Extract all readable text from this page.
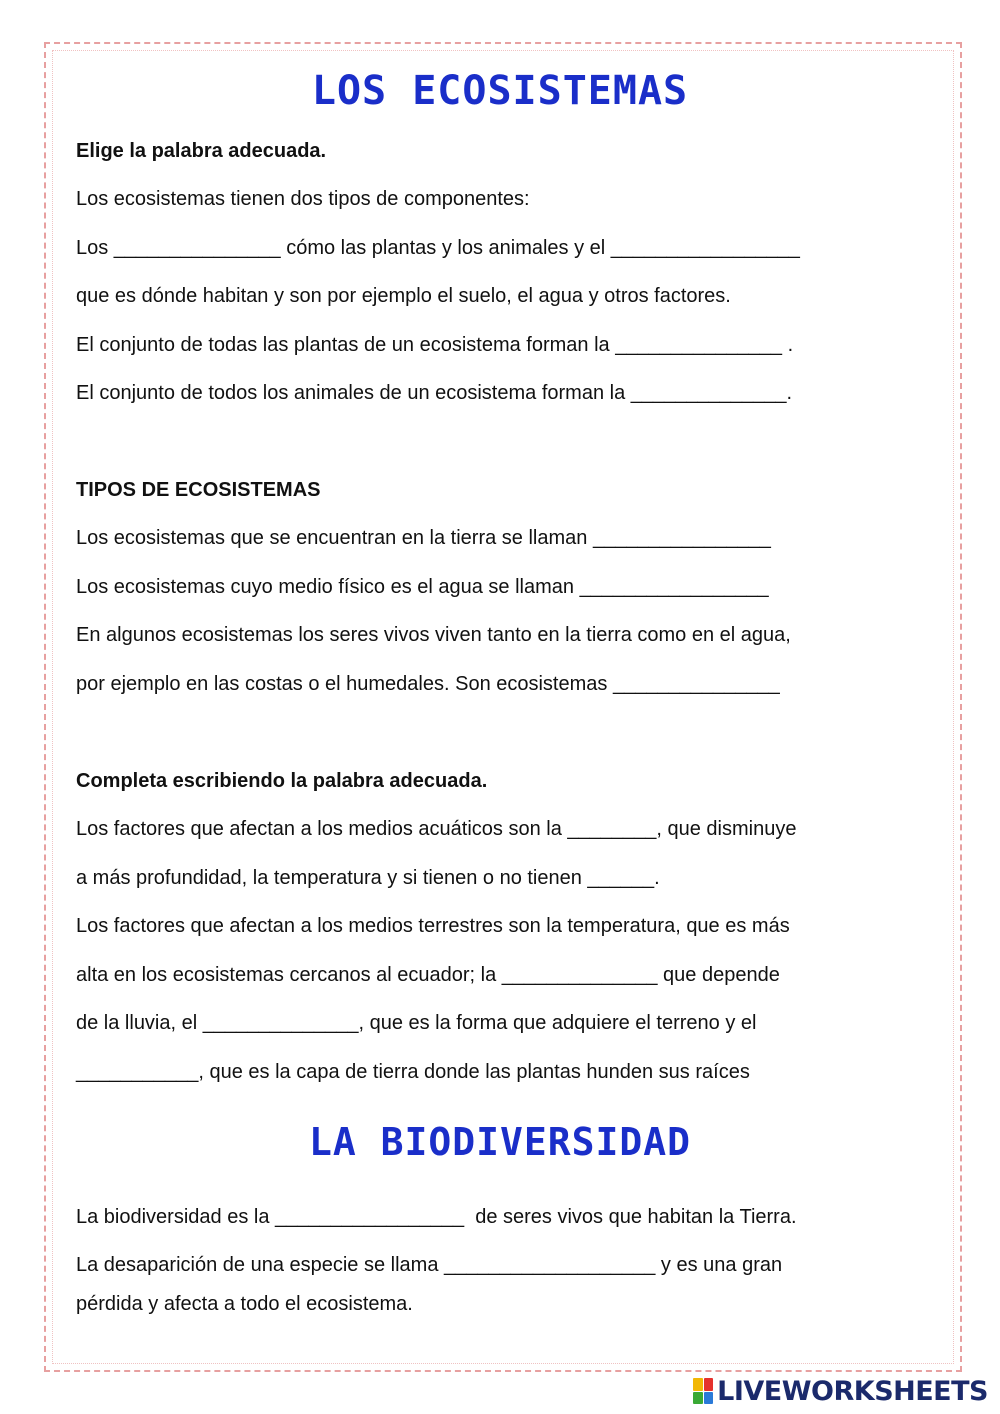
LOS ECOSISTEMAS

Elige la palabra adecuada.

Los ecosistemas tienen dos tipos de componentes:

Los _______________ cómo las plantas y los animales y el _________________

que es dónde habitan y son por ejemplo el suelo, el agua y otros factores.

El conjunto de todas las plantas de un ecosistema forman la _______________ .

El conjunto de todos los animales de un ecosistema forman la ______________.

TIPOS DE ECOSISTEMAS

Los ecosistemas que se encuentran en la tierra se llaman ________________

Los ecosistemas cuyo medio físico es el agua se llaman _________________

En algunos ecosistemas los seres vivos viven tanto en la tierra como en el agua,

por ejemplo en las costas o el humedales. Son ecosistemas _______________

Completa escribiendo la palabra adecuada.

Los factores que afectan a los medios acuáticos son la ________, que disminuye

a más profundidad, la temperatura y si tienen o no tienen ______.

Los factores que afectan a los medios terrestres son la temperatura, que es más

alta en los ecosistemas cercanos al ecuador; la ______________ que depende

de la lluvia, el ______________, que es la forma que adquiere el terreno y el

___________, que es la capa de tierra donde las plantas hunden sus raíces

LA BIODIVERSIDAD

La biodiversidad es la _________________  de seres vivos que habitan la Tierra.

La desaparición de una especie se llama ___________________ y es una gran

pérdida y afecta a todo el ecosistema.

LIVEWORKSHEETS
